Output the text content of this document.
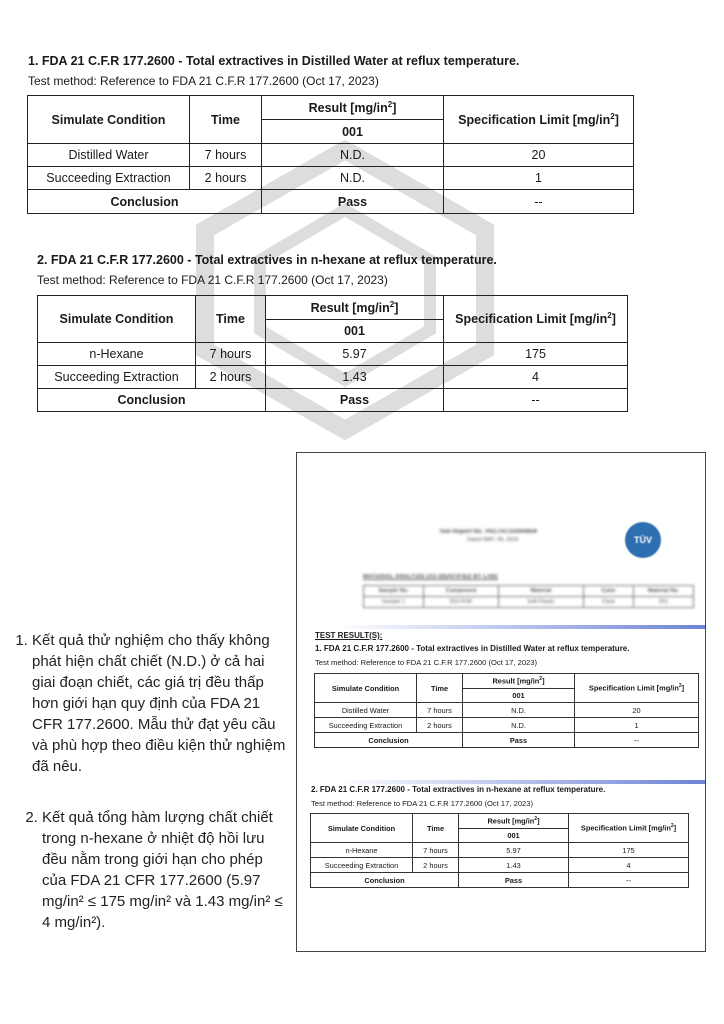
1. FDA 21 C.F.R 177.2600 - Total extractives in Distilled Water at reflux temperature.
Test method: Reference to FDA 21 C.F.R 177.2600 (Oct 17, 2023)
Simulate Condition	Time	Result $[mg/in^2]$	Specification Limit $[mg/in^2]$
		001	
Distilled Water	7 hours	N.D.	20
Succeeding Extraction	2 hours	N.D.	1
Conclusion		Pass	--
2. FDA 21 C.F.R 177.2600 - Total extractives in n-hexane at reflux temperature.
Test method: Reference to FDA 21 C.F.R 177.2600 (Oct 17, 2023)
Simulate Condition	Time	Result $[mg/in^2]$	Specification Limit $[mg/in^2]$
		001	
n-Hexane	7 hours	5.97	175
Succeeding Extraction	2 hours	1.43	4
Conclusion		Pass	--
1. Kết quả thử nghiệm cho thấy không phát hiện chất chiết (N.D.) ở cả hai giai đoạn chiết, các giá trị đều thấp hơn giới hạn quy định của FDA 21 CFR 177.2600. Mẫu thử đạt yêu cầu và phù hợp theo điều kiện thử nghiệm đã nêu.
2. Kết quả tổng hàm lượng chất chiết trong n-hexane ở nhiệt độ hồi lưu đều nằm trong giới hạn cho phép của FDA 21 CFR 177.2600 (5.97 mg/in² ≤ 175 mg/in² và 1.43 mg/in² ≤ 4 mg/in²).
Test Report No. VN17AC23/000859
Dated MAY. 08, 2023	TÜV
MATERIAL ANALYSIS (AS IDENTIFIED BY LAB)
Sample No.	Component	Material	Color	Material No.
Sample 1	502-POE	Soft Plastic	Clear	001
TEST RESULT(S):
1. FDA 21 C.F.R 177.2600 - Total extractives in Distilled Water at reflux temperature.
Test method: Reference to FDA 21 C.F.R 177.2600 (Oct 17, 2023)
Simulate Condition	Time	Result $[mg/in^2]$	Specification Limit $[mg/in^2]$
		001	
Distilled Water	7 hours	N.D.	20
Succeeding Extraction	2 hours	N.D.	1
Conclusion		Pass	--
2. FDA 21 C.F.R 177.2600 - Total extractives in n-hexane at reflux temperature.
Test method: Reference to FDA 21 C.F.R 177.2600 (Oct 17, 2023)
Simulate Condition	Time	Result $[mg/in^2]$	Specification Limit $[mg/in^2]$
		001	
n-Hexane	7 hours	5.97	175
Succeeding Extraction	2 hours	1.43	4
Conclusion		Pass	--
